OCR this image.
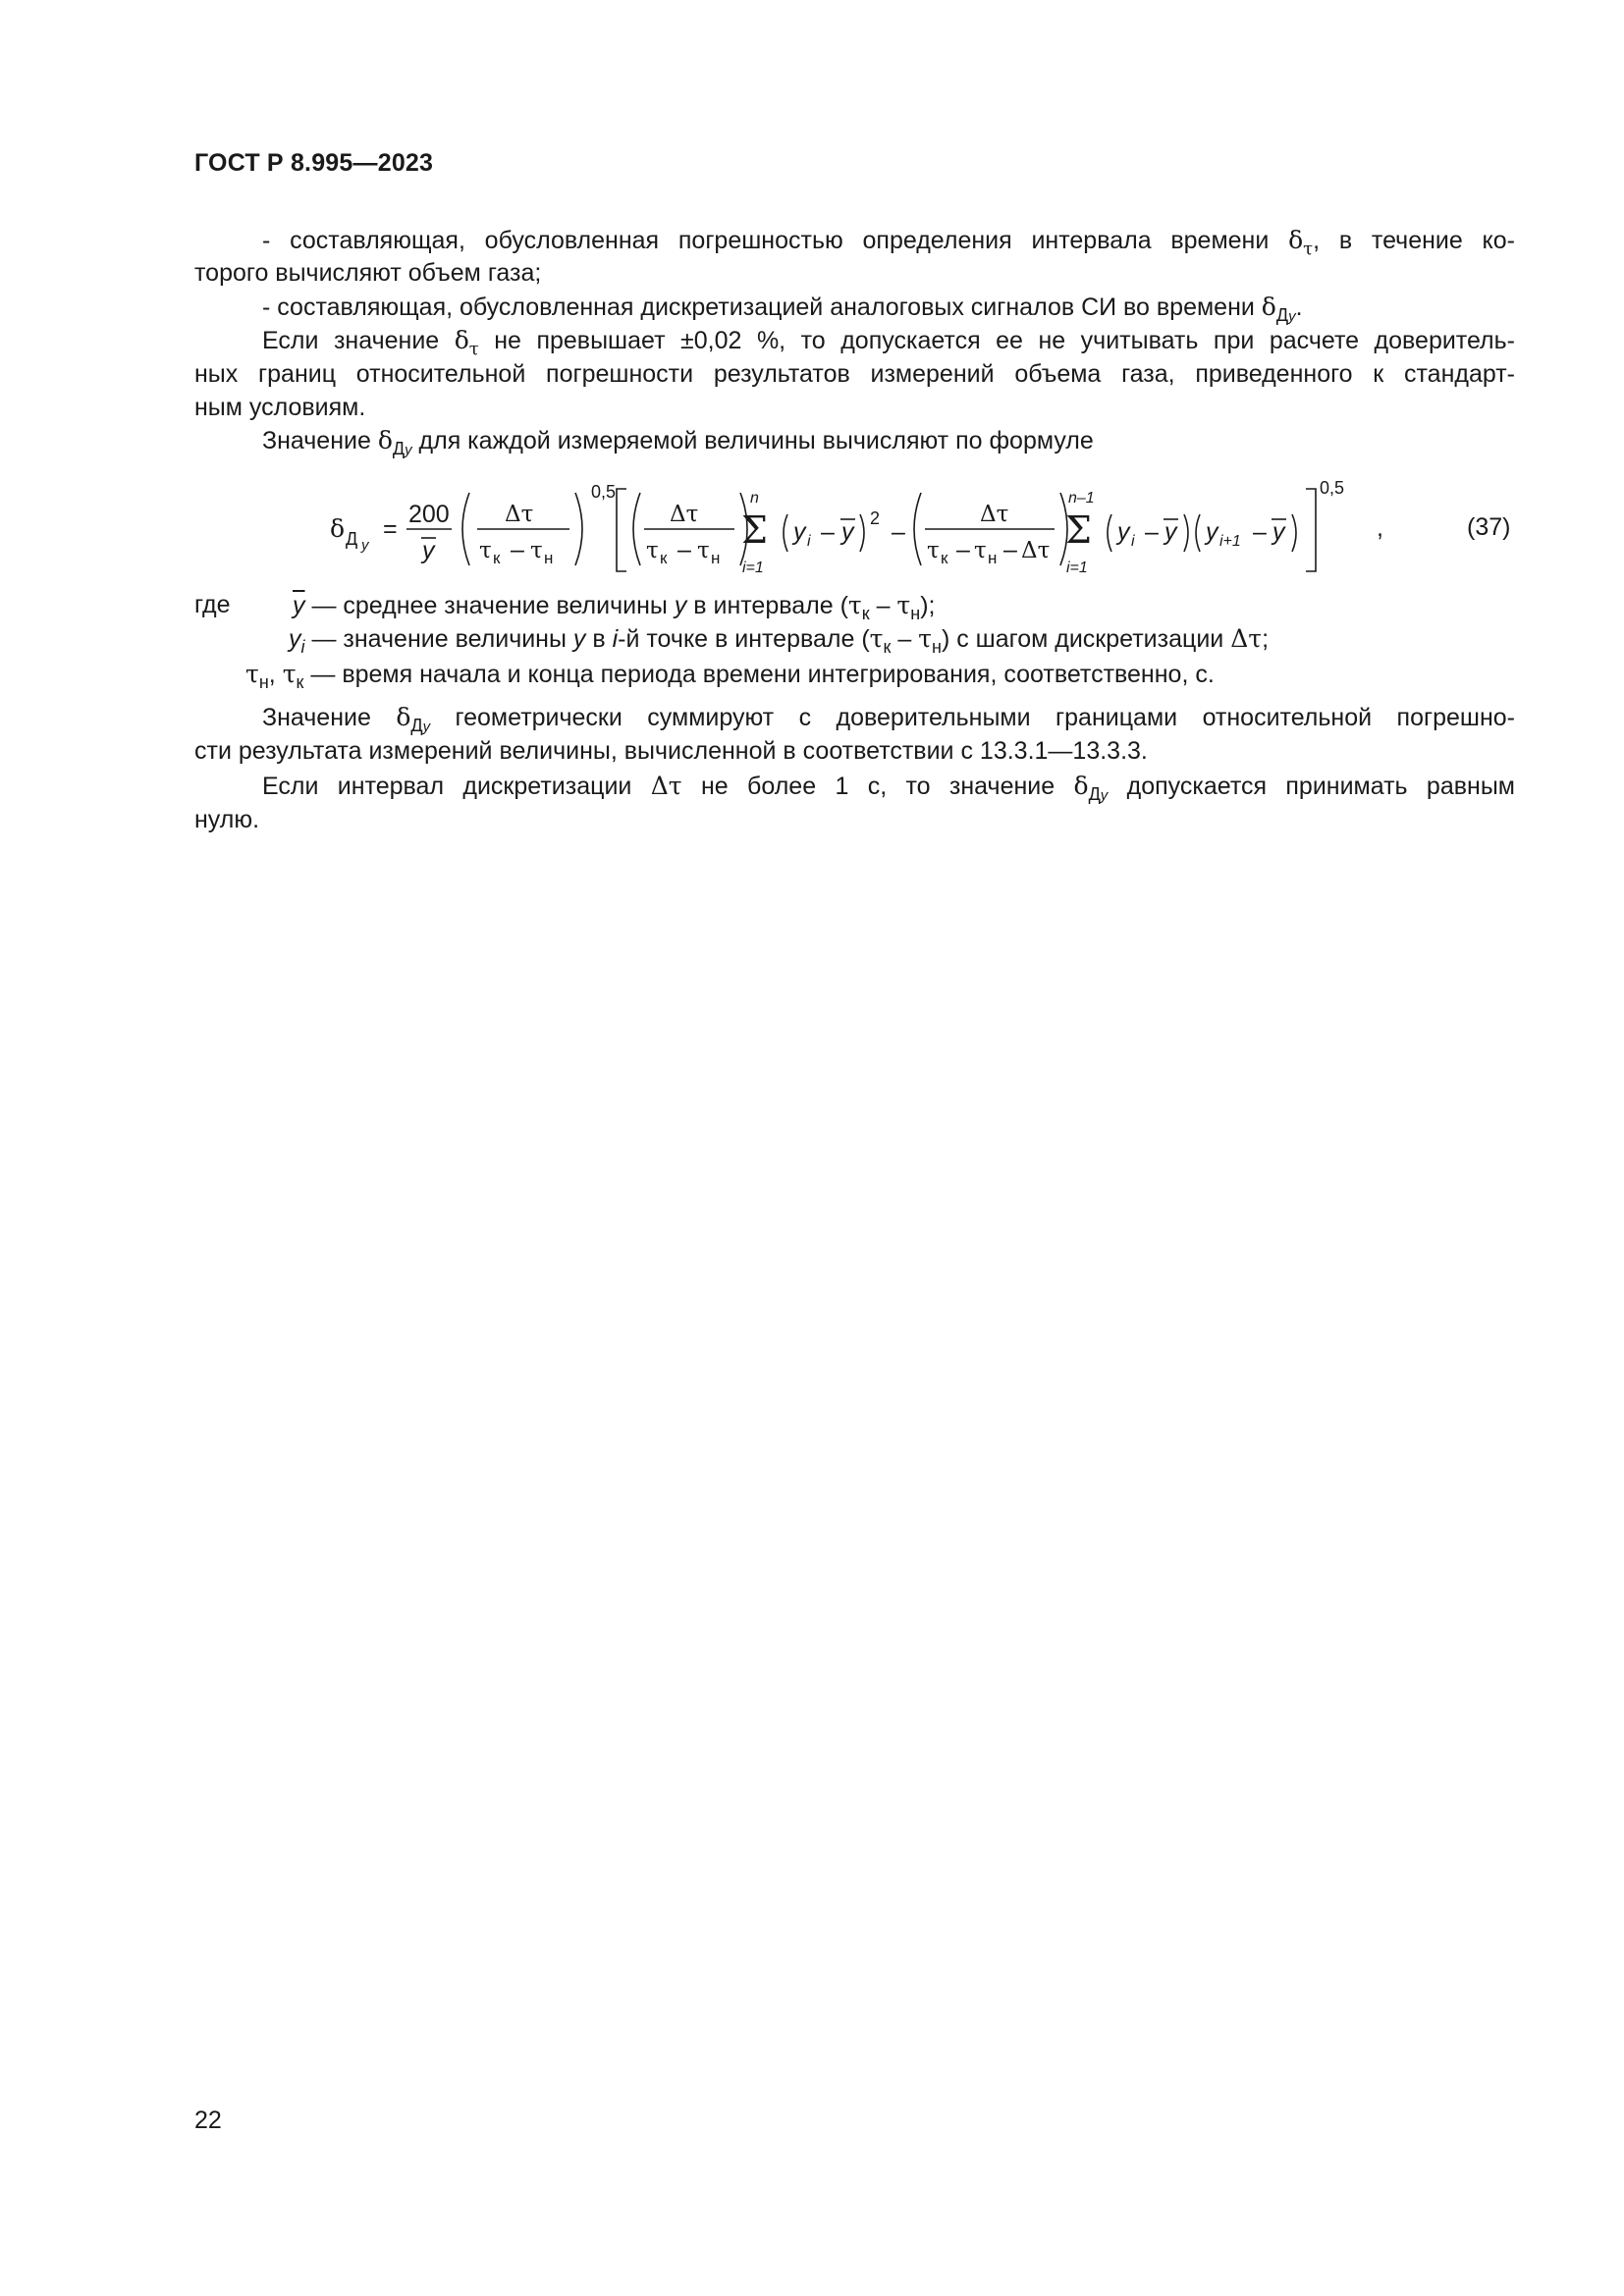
ГОСТ Р 8.995—2023
- составляющая, обусловленная погрешностью определения интервала времени $\delta_\tau$, в течение ко-
торого вычисляют объем газа;
- составляющая, обусловленная дискретизацией аналоговых сигналов СИ во времени $\delta_{Дy}$.
Если значение $\delta_\tau$ не превышает ±0,02 %, то допускается ее не учитывать при расчете доверитель-
ных границ относительной погрешности результатов измерений объема газа, приведенного к стандарт-
ным условиям.
Значение $\delta_{Дy}$ для каждой измеряемой величины вычисляют по формуле
δ Д y
=
200
y
Δτ
τ к – τ н
0,5
Δτ
τ к – τ н
n
Σ
i=1
y i – y 2 –
Δτ
τ к – τ н – Δτ
n–1
Σ
i=1
y i – y y i+1 – y
0,5
,	(37)
где	$\overline{y}$ — среднее значение величины y в интервале $(\tau_к - \tau_н)$;
$y_i$ — значение величины y в i-й точке в интервале $(\tau_к - \tau_н)$ с шагом дискретизации Δτ;
$\tau_н$, $\tau_к$ — время начала и конца периода времени интегрирования, соответственно, с.
Значение $\delta_{Дy}$ геометрически суммируют с доверительными границами относительной погрешно-
сти результата измерений величины, вычисленной в соответствии с 13.3.1—13.3.3.
Если интервал дискретизации Δτ не более 1 с, то значение $\delta_{Дy}$ допускается принимать равным
нулю.
22
